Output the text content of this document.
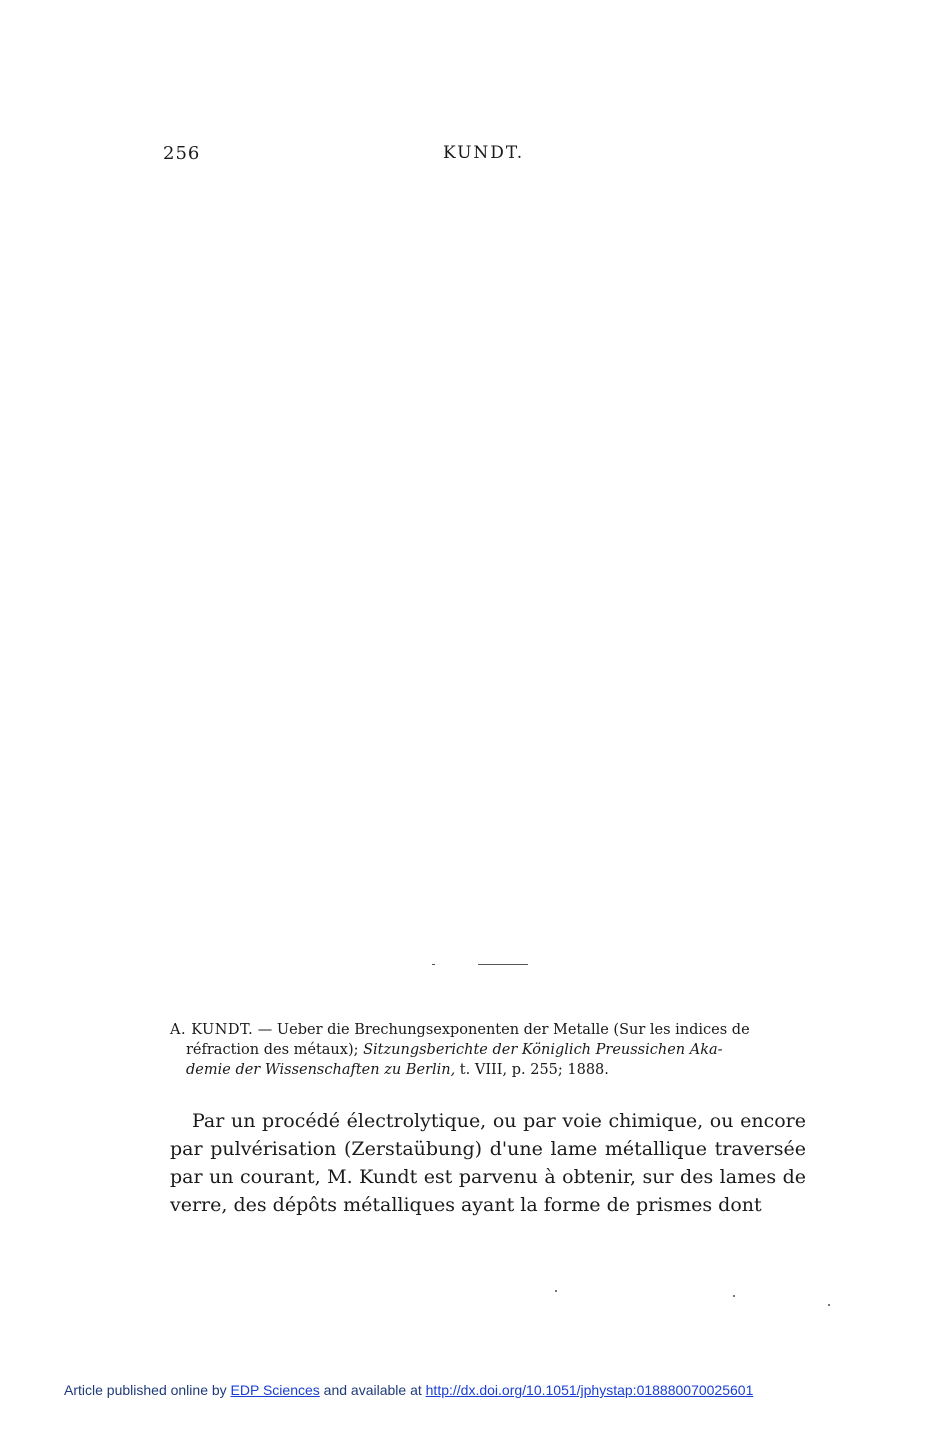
256	KUNDT.
A. KUNDT. — Ueber die Brechungsexponenten der Metalle (Sur les indices de
réfraction des métaux); Sitzungsberichte der Königlich Preussichen Aka-
demie der Wissenschaften zu Berlin, t. VIII, p. 255; 1888.

Par un procédé électrolytique, ou par voie chimique, ou encore par pulvérisation (Zerstaübung) d'une lame métallique traversée par un courant, M. Kundt est parvenu à obtenir, sur des lames de verre, des dépôts métalliques ayant la forme de prismes dont

Article published online by EDP Sciences and available at http://dx.doi.org/10.1051/jphystap:018880070025601
